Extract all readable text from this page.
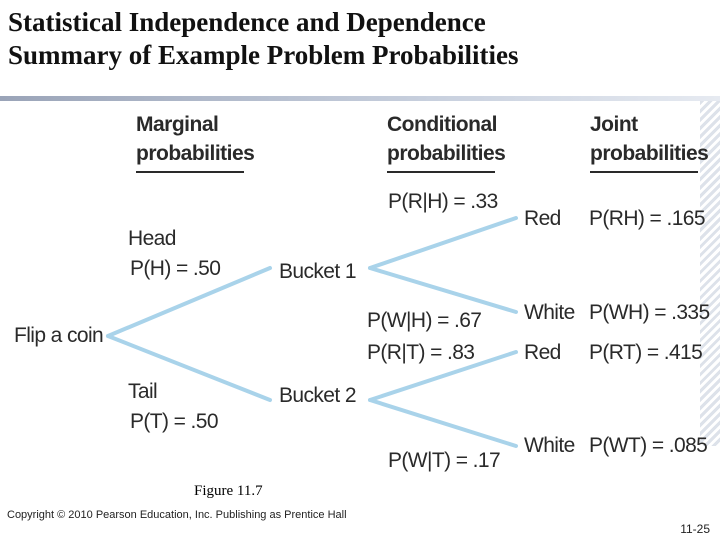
Statistical Independence and Dependence
Summary of Example Problem Probabilities
Marginal
probabilities
Conditional
probabilities
Joint
probabilities
Flip a coin
Head
P(H) = .50
Tail
P(T) = .50
Bucket 1
Bucket 2
P(R|H) = .33
P(W|H) = .67
P(R|T) = .83
P(W|T) = .17
Red
White
Red
White
P(RH) = .165
P(WH) = .335
P(RT) = .415
P(WT) = .085
Figure 11.7
Copyright © 2010 Pearson Education, Inc. Publishing as Prentice Hall
11-25
